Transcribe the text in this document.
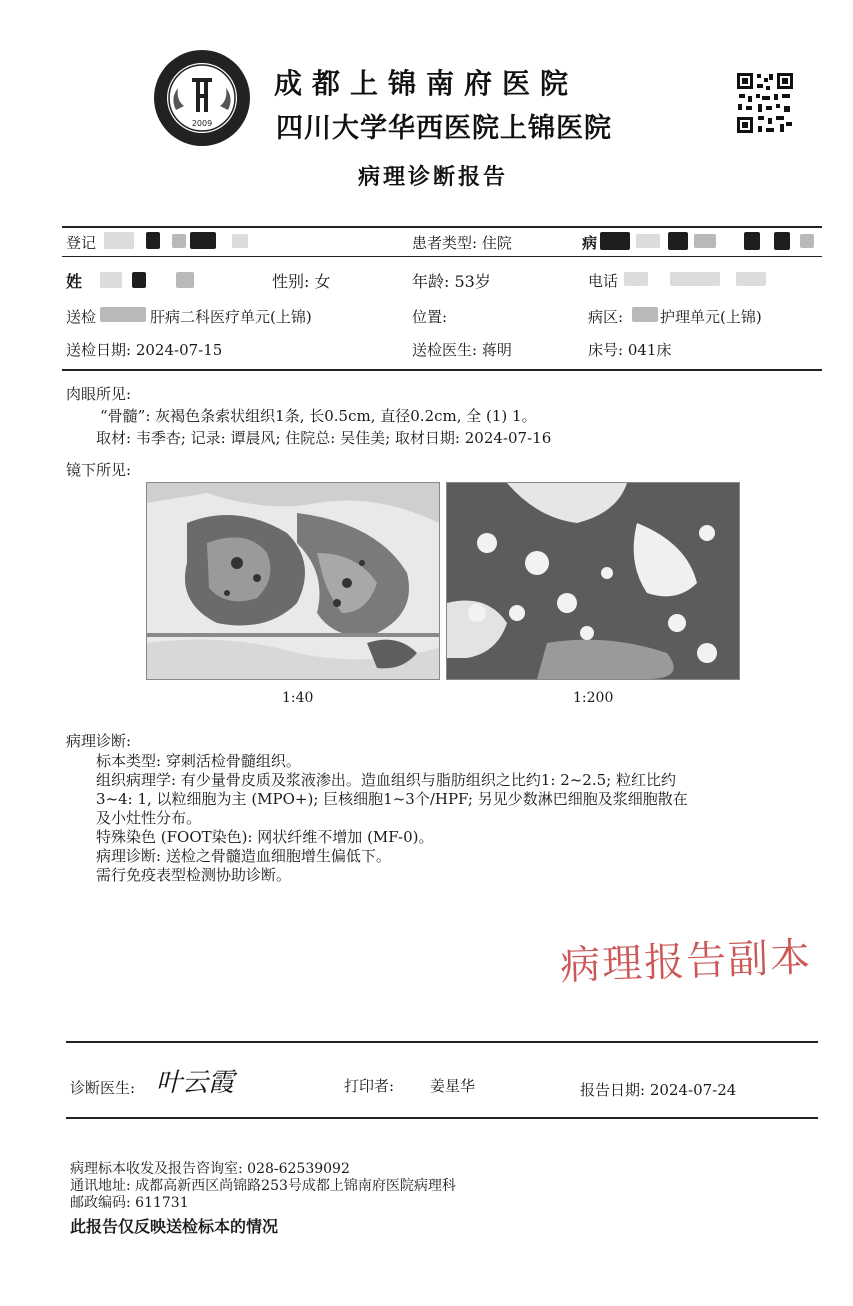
2009
成都上锦南府医院
四川大学华西医院上锦医院
病理诊断报告
登记	患者类型: 住院	病
姓	性别: 女	年龄: 53岁	电话
送检	肝病二科医疗单元(上锦)	位置:	病区: 护理单元(上锦)
送检日期: 2024-07-15	送检医生: 蒋明	床号: 041床
肉眼所见:
“骨髓”: 灰褐色条索状组织1条, 长0.5cm, 直径0.2cm, 全 (1) 1。
取材: 韦季杏; 记录: 谭晨风; 住院总: 吴佳美; 取材日期: 2024-07-16
镜下所见:
1:40	1:200
病理诊断:
标本类型: 穿刺活检骨髓组织。
组织病理学: 有少量骨皮质及浆液渗出。造血组织与脂肪组织之比约1: 2~2.5; 粒红比约
3~4: 1, 以粒细胞为主 (MPO+); 巨核细胞1~3个/HPF; 另见少数淋巴细胞及浆细胞散在
及小灶性分布。
特殊染色 (FOOT染色): 网状纤维不增加 (MF-0)。
病理诊断: 送检之骨髓造血细胞增生偏低下。
需行免疫表型检测协助诊断。
病理报告副本
诊断医生: 叶云霞	打印者: 姜星华	报告日期: 2024-07-24
病理标本收发及报告咨询室: 028-62539092
通讯地址: 成都高新西区尚锦路253号成都上锦南府医院病理科
邮政编码: 611731
此报告仅反映送检标本的情况
